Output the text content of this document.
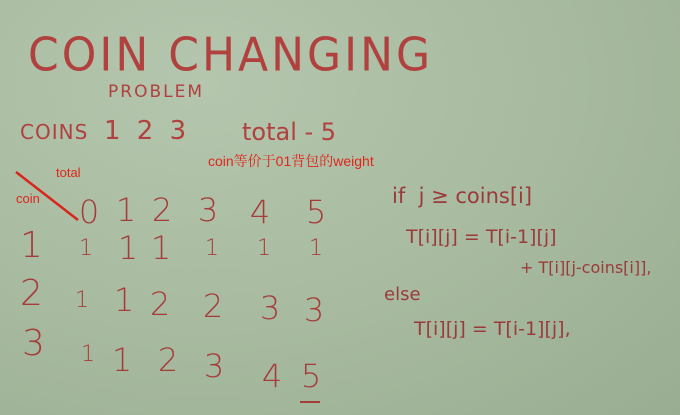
COIN CHANGING
PROBLEM
COINS 1 2 3 total - 5
coin等价于01背包的weight
total
coin 0 1 2 3 4 5
1 1 1 1 1 1 1
2 1 1 2 2 3 3
3 1 1 2 3 4 5
if  j ≥ coins[i]
T[i][j] = T[i-1][j]
+ T[i][j-coins[i]],
else
T[i][j] = T[i-1][j],
